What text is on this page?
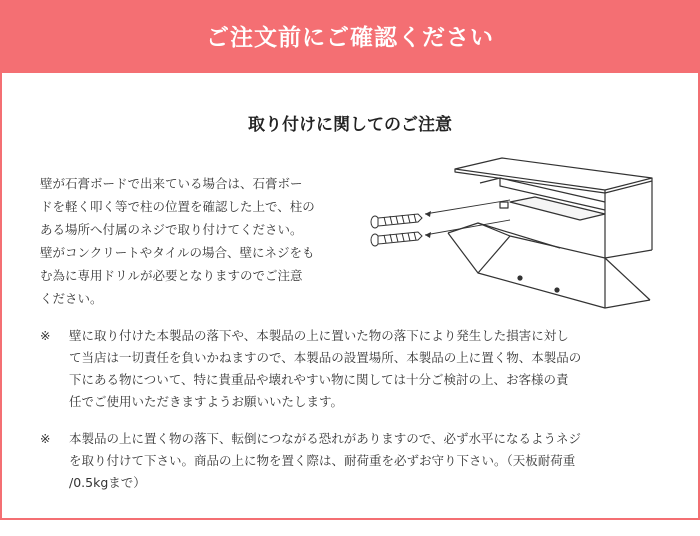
ご注文前にご確認ください
取り付けに関してのご注意
壁が石膏ボードで出来ている場合は、石膏ボー
ドを軽く叩く等で柱の位置を確認した上で、柱の
ある場所へ付属のネジで取り付けてください。
壁がコンクリートやタイルの場合、壁にネジをも
む為に専用ドリルが必要となりますのでご注意
ください。
※ 壁に取り付けた本製品の落下や、本製品の上に置いた物の落下により発生した損害に対し
て当店は一切責任を負いかねますので、本製品の設置場所、本製品の上に置く物、本製品の
下にある物について、特に貴重品や壊れやすい物に関しては十分ご検討の上、お客様の責
任でご使用いただきますようお願いいたします。
※ 本製品の上に置く物の落下、転倒につながる恐れがありますので、必ず水平になるようネジ
を取り付けて下さい。商品の上に物を置く際は、耐荷重を必ずお守り下さい。（天板耐荷重
/0.5kgまで）
